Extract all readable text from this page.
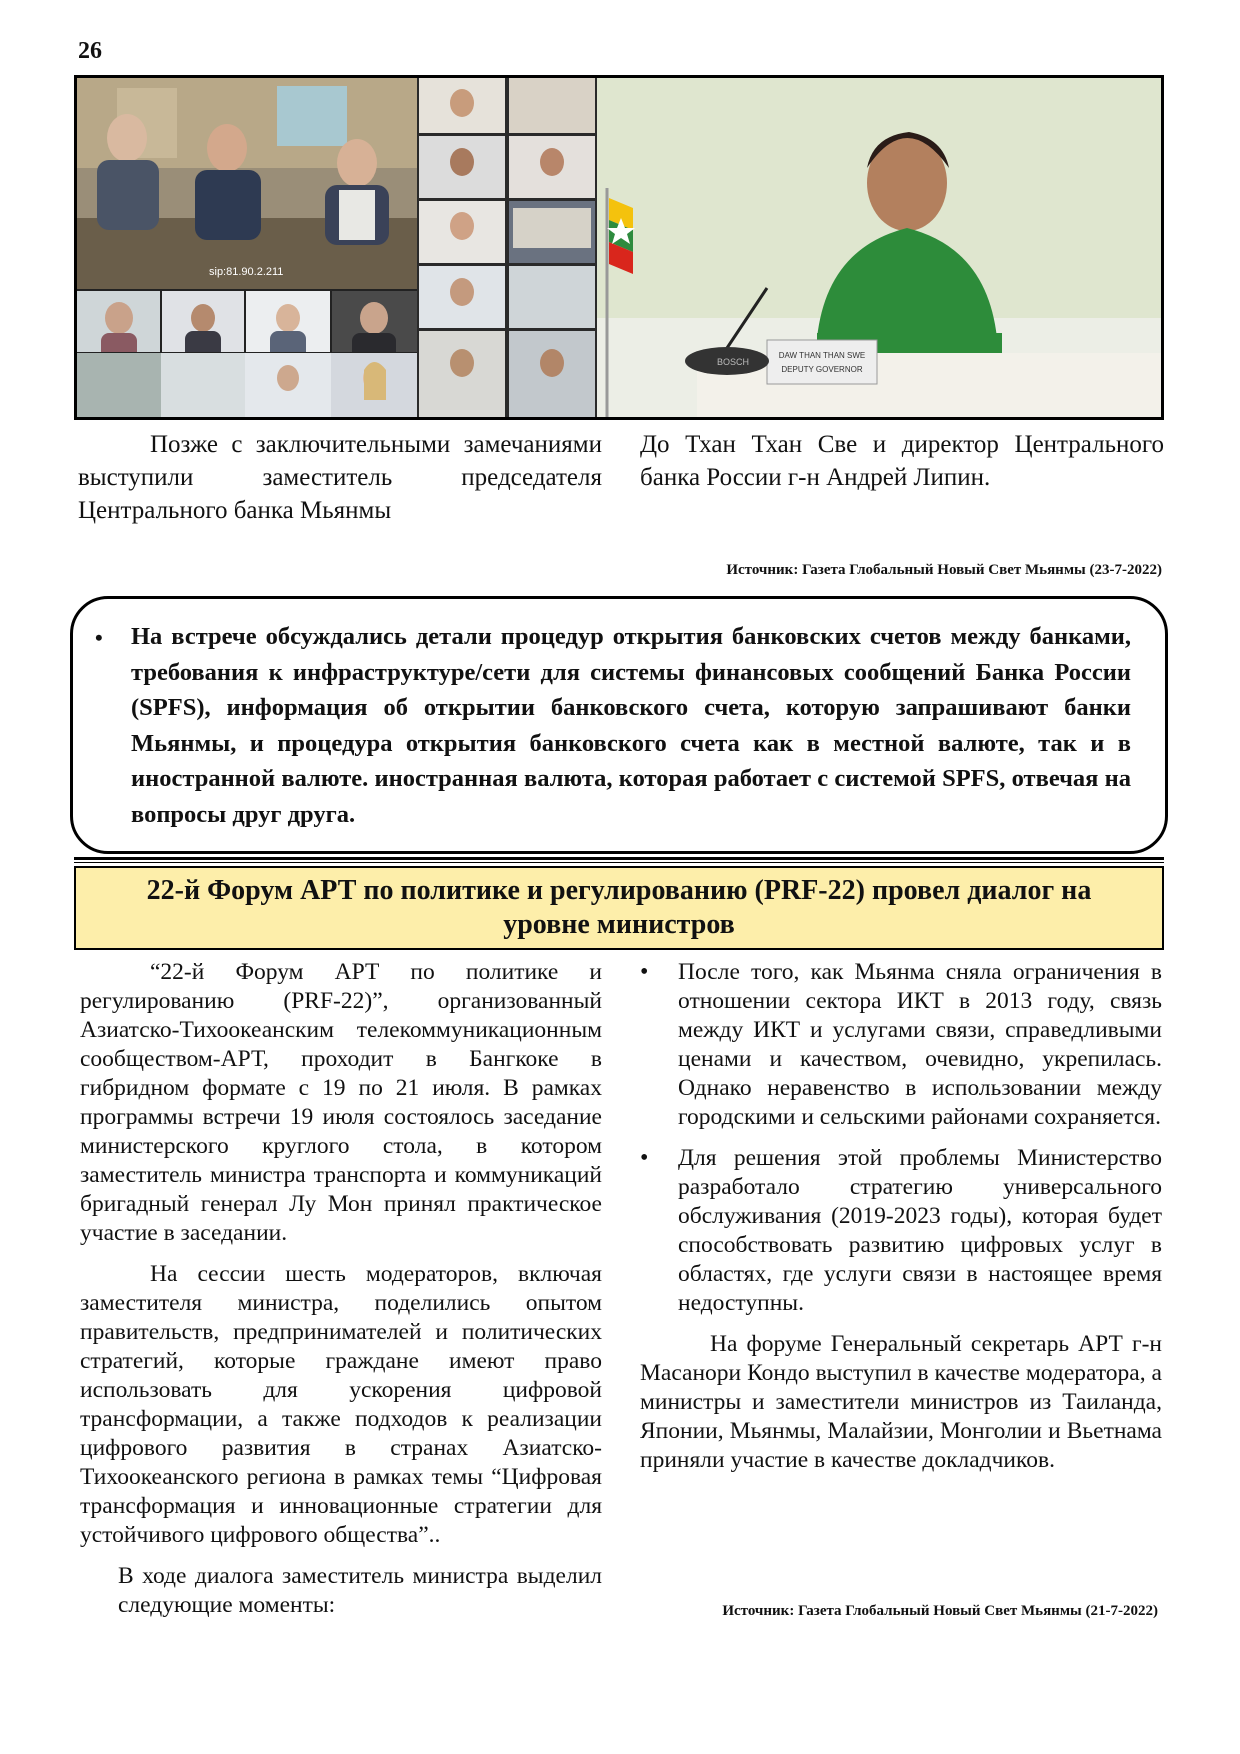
26
sip:81.90.2.211
DAW THAN THAN SWE
DEPUTY GOVERNOR
BOSCH
Позже с заключительными замечаниями выступили заместитель председателя Центрального банка Мьянмы
До Тхан Тхан Све и директор Центрального банка России г-н Андрей Липин.
Источник: Газета Глобальный Новый Свет Мьянмы (23-7-2022)
• На встрече обсуждались детали процедур открытия банковских счетов между банками, требования к инфраструктуре/сети для системы финансовых сообщений Банка России (SPFS), информация об открытии банковского счета, которую запрашивают банки Мьянмы, и процедура открытия банковского счета как в местной валюте, так и в иностранной валюте. иностранная валюта, которая работает с системой SPFS, отвечая на вопросы друг друга.
22-й Форум АРТ по политике и регулированию (PRF-22) провел диалог на уровне министров

“22-й Форум АРТ по политике и регулированию (PRF-22)”, организованный Азиатско-Тихоокеанским телекоммуникационным сообществом-АРТ, проходит в Бангкоке в гибридном формате с 19 по 21 июля. В рамках программы встречи 19 июля состоялось заседание министерского круглого стола, в котором заместитель министра транспорта и коммуникаций бригадный генерал Лу Мон принял практическое участие в заседании.

На сессии шесть модераторов, включая заместителя министра, поделились опытом правительств, предпринимателей и политических стратегий, которые граждане имеют право использовать для ускорения цифровой трансформации, а также подходов к реализации цифрового развития в странах Азиатско-Тихоокеанского региона в рамках темы “Цифровая трансформация и инновационные стратегии для устойчивого цифрового общества”..

В ходе диалога заместитель министра выделил следующие моменты:

• После того, как Мьянма сняла ограничения в отношении сектора ИКТ в 2013 году, связь между ИКТ и услугами связи, справедливыми ценами и качеством, очевидно, укрепилась. Однако неравенство в использовании между городскими и сельскими районами сохраняется.
• Для решения этой проблемы Министерство разработало стратегию универсального обслуживания (2019-2023 годы), которая будет способствовать развитию цифровых услуг в областях, где услуги связи в настоящее время недоступны.

На форуме Генеральный секретарь АРТ г-н Масанори Кондо выступил в качестве модератора, а министры и заместители министров из Таиланда, Японии, Мьянмы, Малайзии, Монголии и Вьетнама приняли участие в качестве докладчиков.

Источник: Газета Глобальный Новый Свет Мьянмы (21-7-2022)
